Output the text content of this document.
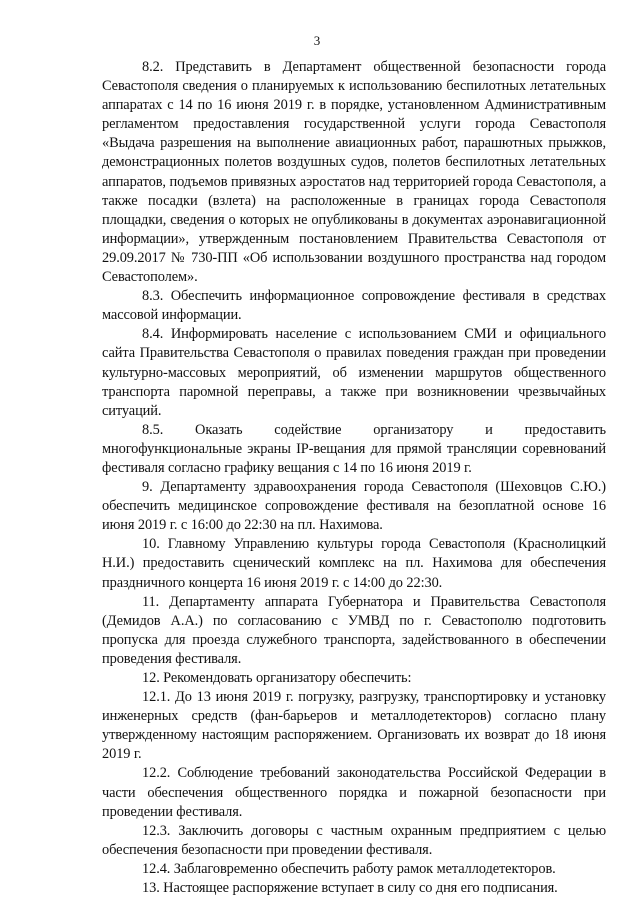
3

8.2. Представить в Департамент общественной безопасности города Севастополя сведения о планируемых к использованию беспилотных летательных аппаратах с 14 по 16 июня 2019 г. в порядке, установленном Административным регламентом предоставления государственной услуги города Севастополя «Выдача разрешения на выполнение авиационных работ, парашютных прыжков, демонстрационных полетов воздушных судов, полетов беспилотных летательных аппаратов, подъемов привязных аэростатов над территорией города Севастополя, а также посадки (взлета) на расположенные в границах города Севастополя площадки, сведения о которых не опубликованы в документах аэронавигационной информации», утвержденным постановлением Правительства Севастополя от 29.09.2017 № 730-ПП «Об использовании воздушного пространства над городом Севастополем».

8.3. Обеспечить информационное сопровождение фестиваля в средствах массовой информации.

8.4. Информировать население с использованием СМИ и официального сайта Правительства Севастополя о правилах поведения граждан при проведении культурно-массовых мероприятий, об изменении маршрутов общественного транспорта паромной переправы, а также при возникновении чрезвычайных ситуаций.

8.5. Оказать содействие организатору и предоставить многофункциональные экраны IP-вещания для прямой трансляции соревнований фестиваля согласно графику вещания с 14 по 16 июня 2019 г.

9. Департаменту здравоохранения города Севастополя (Шеховцов С.Ю.) обеспечить медицинское сопровождение фестиваля на безоплатной основе 16 июня 2019 г. с 16:00 до 22:30 на пл. Нахимова.

10. Главному Управлению культуры города Севастополя (Краснолицкий Н.И.) предоставить сценический комплекс на пл. Нахимова для обеспечения праздничного концерта 16 июня 2019 г. с 14:00 до 22:30.

11. Департаменту аппарата Губернатора и Правительства Севастополя (Демидов А.А.) по согласованию с УМВД по г. Севастополю подготовить пропуска для проезда служебного транспорта, задействованного в обеспечении проведения фестиваля.

12. Рекомендовать организатору обеспечить:

12.1. До 13 июня 2019 г. погрузку, разгрузку, транспортировку и установку инженерных средств (фан-барьеров и металлодетекторов) согласно плану утвержденному настоящим распоряжением. Организовать их возврат до 18 июня 2019 г.

12.2. Соблюдение требований законодательства Российской Федерации в части обеспечения общественного порядка и пожарной безопасности при проведении фестиваля.

12.3. Заключить договоры с частным охранным предприятием с целью обеспечения безопасности при проведении фестиваля.

12.4. Заблаговременно обеспечить работу рамок металлодетекторов.

13. Настоящее распоряжение вступает в силу со дня его подписания.
